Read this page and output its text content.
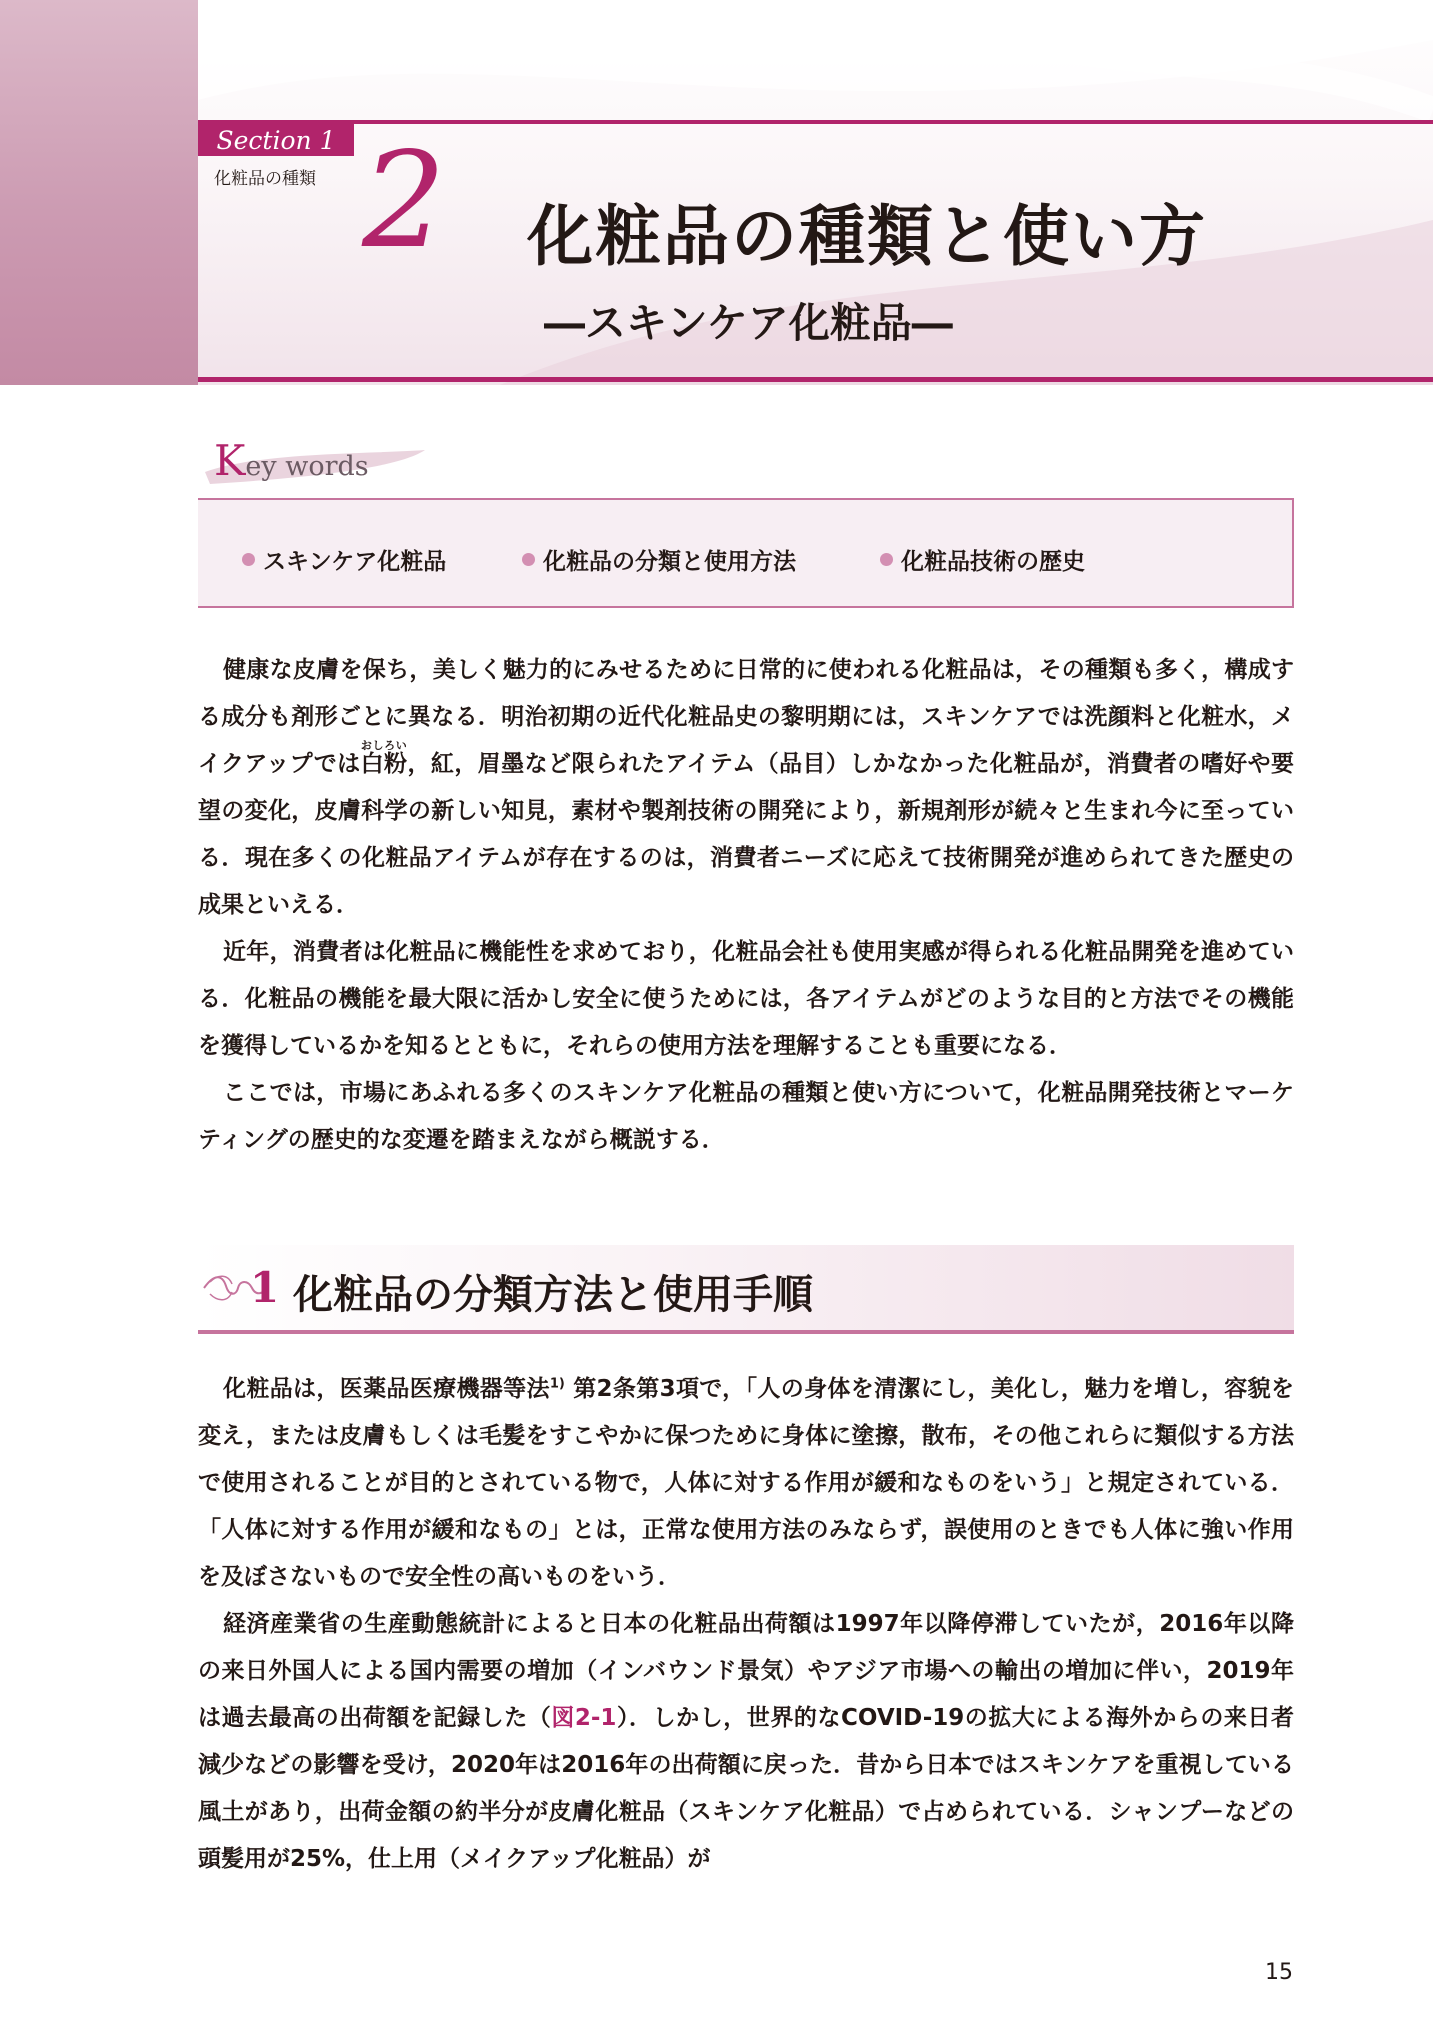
Section 1
化粧品の種類 2 化粧品の種類と使い方
―スキンケア化粧品―
Key words
スキンケア化粧品	化粧品の分類と使用方法	化粧品技術の歴史

健康な皮膚を保ち，美しく魅力的にみせるために日常的に使われる化粧品は，その種類も多く，構成する成分も剤形ごとに異なる．明治初期の近代化粧品史の黎明期には，スキンケアでは洗顔料と化粧水，メイクアップでは白粉おしろい，紅，眉墨など限られたアイテム（品目）しかなかった化粧品が，消費者の嗜好や要望の変化，皮膚科学の新しい知見，素材や製剤技術の開発により，新規剤形が続々と生まれ今に至っている．現在多くの化粧品アイテムが存在するのは，消費者ニーズに応えて技術開発が進められてきた歴史の成果といえる．

近年，消費者は化粧品に機能性を求めており，化粧品会社も使用実感が得られる化粧品開発を進めている．化粧品の機能を最大限に活かし安全に使うためには，各アイテムがどのような目的と方法でその機能を獲得しているかを知るとともに，それらの使用方法を理解することも重要になる．

ここでは，市場にあふれる多くのスキンケア化粧品の種類と使い方について，化粧品開発技術とマーケティングの歴史的な変遷を踏まえながら概説する．

1 化粧品の分類方法と使用手順

化粧品は，医薬品医療機器等法$^{1)}$ 第2条第3項で，「人の身体を清潔にし，美化し，魅力を増し，容貌を変え，または皮膚もしくは毛髪をすこやかに保つために身体に塗擦，散布，その他これらに類似する方法で使用されることが目的とされている物で，人体に対する作用が緩和なものをいう」と規定されている．「人体に対する作用が緩和なもの」とは，正常な使用方法のみならず，誤使用のときでも人体に強い作用を及ぼさないもので安全性の高いものをいう．

経済産業省の生産動態統計によると日本の化粧品出荷額は1997年以降停滞していたが，2016年以降の来日外国人による国内需要の増加（インバウンド景気）やアジア市場への輸出の増加に伴い，2019年は過去最高の出荷額を記録した（図2-1）．しかし，世界的なCOVID-19の拡大による海外からの来日者減少などの影響を受け，2020年は2016年の出荷額に戻った．昔から日本ではスキンケアを重視している風土があり，出荷金額の約半分が皮膚化粧品（スキンケア化粧品）で占められている．シャンプーなどの頭髪用が25%，仕上用（メイクアップ化粧品）が

15
